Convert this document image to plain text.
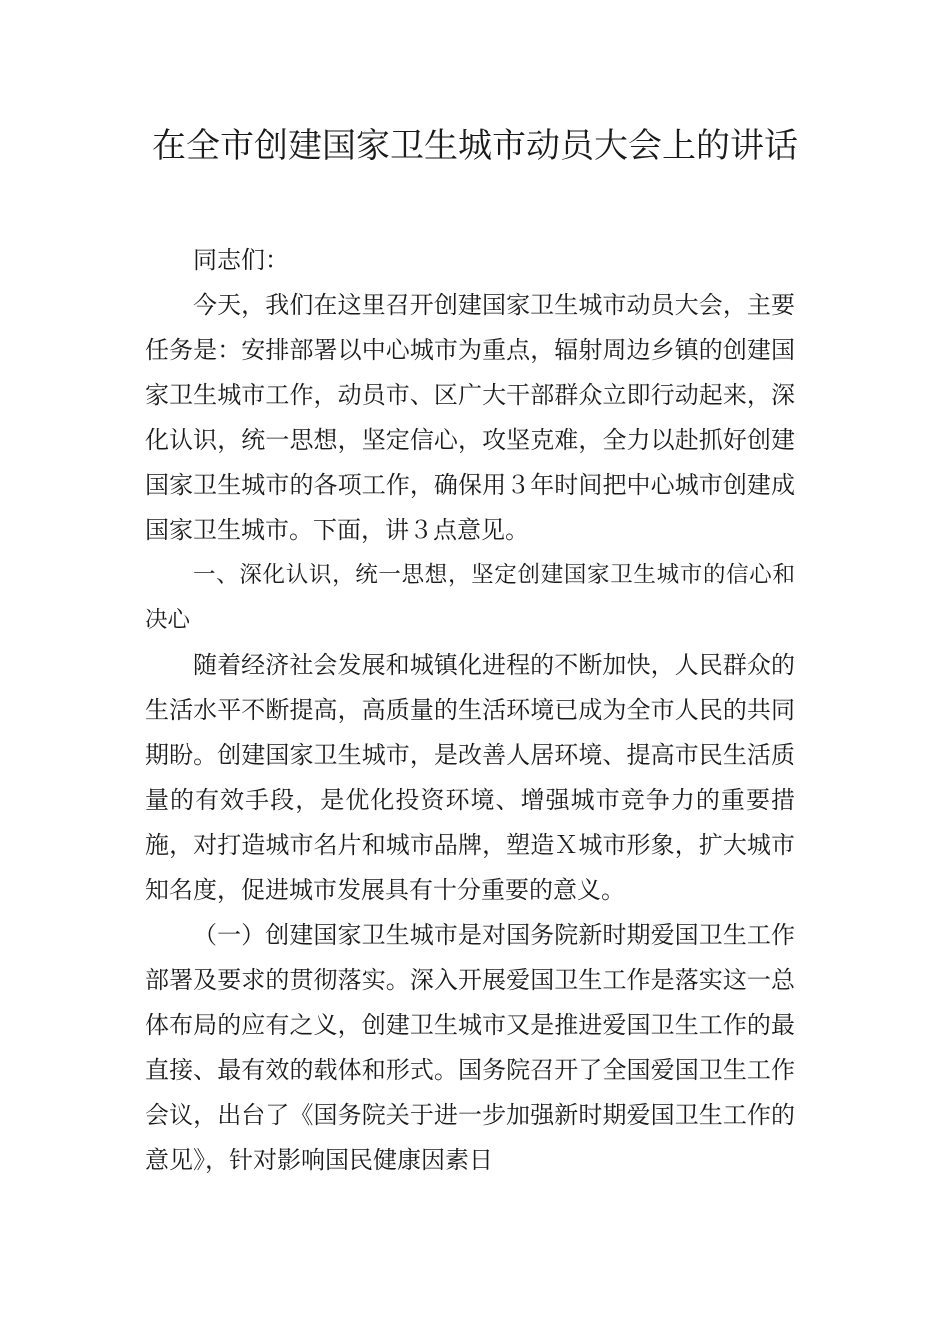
在全市创建国家卫生城市动员大会上的讲话

同志们：

今天，我们在这里召开创建国家卫生城市动员大会，主要任务是：安排部署以中心城市为重点，辐射周边乡镇的创建国家卫生城市工作，动员市、区广大干部群众立即行动起来，深化认识，统一思想，坚定信心，攻坚克难，全力以赴抓好创建国家卫生城市的各项工作，确保用３年时间把中心城市创建成国家卫生城市。下面，讲３点意见。

一、深化认识，统一思想，坚定创建国家卫生城市的信心和决心

随着经济社会发展和城镇化进程的不断加快，人民群众的生活水平不断提高，高质量的生活环境已成为全市人民的共同期盼。创建国家卫生城市，是改善人居环境、提高市民生活质量的有效手段，是优化投资环境、增强城市竞争力的重要措施，对打造城市名片和城市品牌，塑造Ｘ城市形象，扩大城市知名度，促进城市发展具有十分重要的意义。

（一）创建国家卫生城市是对国务院新时期爱国卫生工作部署及要求的贯彻落实。深入开展爱国卫生工作是落实这一总体布局的应有之义，创建卫生城市又是推进爱国卫生工作的最直接、最有效的载体和形式。国务院召开了全国爱国卫生工作会议，出台了《国务院关于进一步加强新时期爱国卫生工作的意见》，针对影响国民健康因素日
